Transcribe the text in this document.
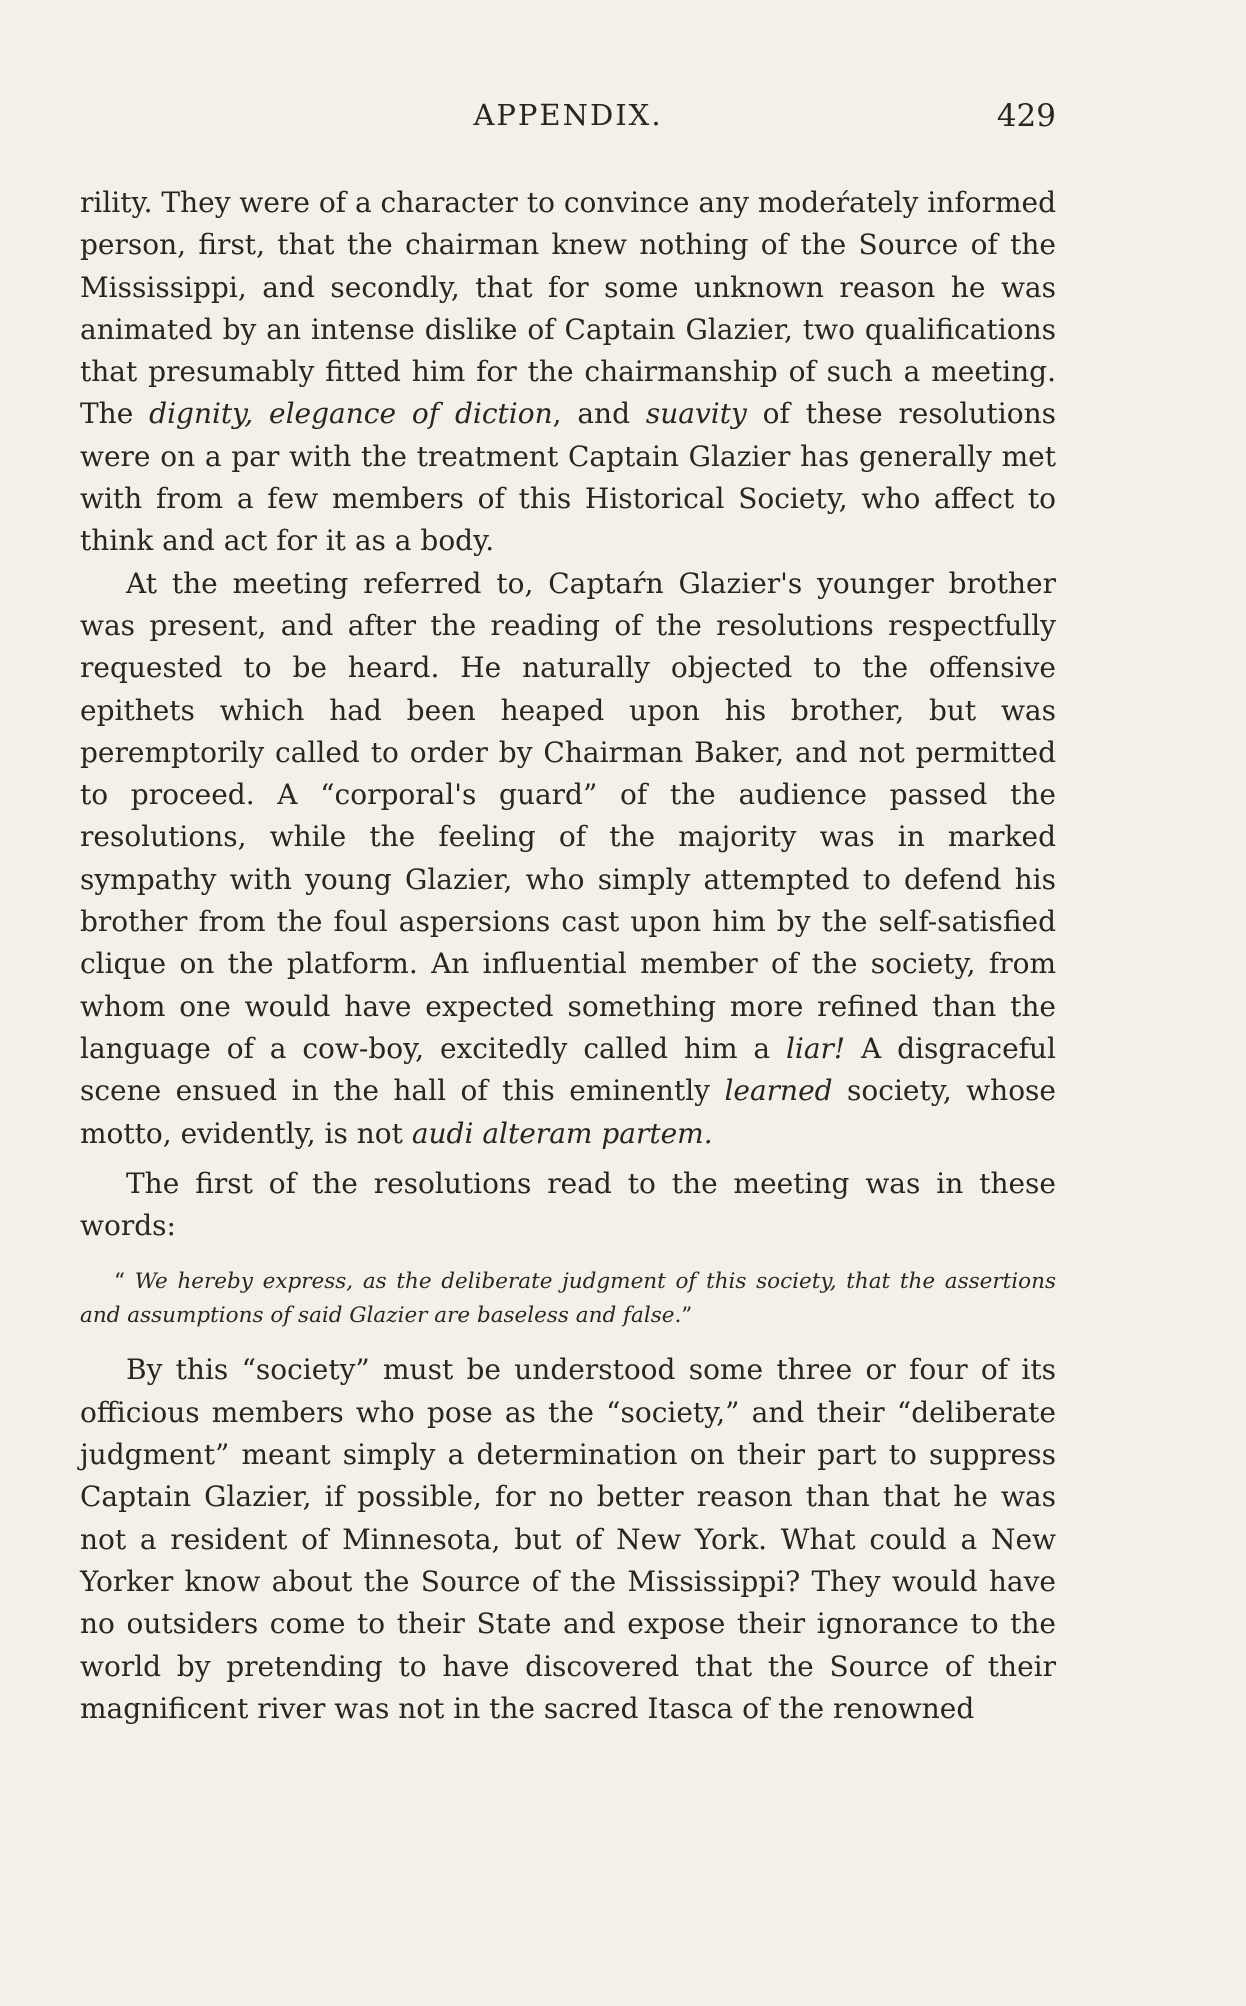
APPENDIX.	429

rility. They were of a character to convince any modeŕately informed person, first, that the chairman knew nothing of the Source of the Mississippi, and secondly, that for some unknown reason he was animated by an intense dislike of Captain Glazier, two qualifications that presumably fitted him for the chairmanship of such a meeting. The dignity, elegance of diction, and suavity of these resolutions were on a par with the treatment Captain Glazier has generally met with from a few members of this Historical Society, who affect to think and act for it as a body.

At the meeting referred to, Captaŕn Glazier's younger brother was present, and after the reading of the resolutions respectfully requested to be heard. He naturally objected to the offensive epithets which had been heaped upon his brother, but was peremptorily called to order by Chairman Baker, and not permitted to proceed. A “corporal's guard” of the audience passed the resolutions, while the feeling of the majority was in marked sympathy with young Glazier, who simply attempted to defend his brother from the foul aspersions cast upon him by the self-satisfied clique on the platform. An influential member of the society, from whom one would have expected something more refined than the language of a cow-boy, excitedly called him a liar! A disgraceful scene ensued in the hall of this eminently learned society, whose motto, evidently, is not audi alteram partem.

The first of the resolutions read to the meeting was in these words:

“ We hereby express, as the deliberate judgment of this society, that the assertions and assumptions of said Glazier are baseless and false.”

By this “society” must be understood some three or four of its officious members who pose as the “society,” and their “deliberate judgment” meant simply a determination on their part to suppress Captain Glazier, if possible, for no better reason than that he was not a resident of Minnesota, but of New York. What could a New Yorker know about the Source of the Mississippi? They would have no outsiders come to their State and expose their ignorance to the world by pretending to have discovered that the Source of their magnificent river was not in the sacred Itasca of the renowned
